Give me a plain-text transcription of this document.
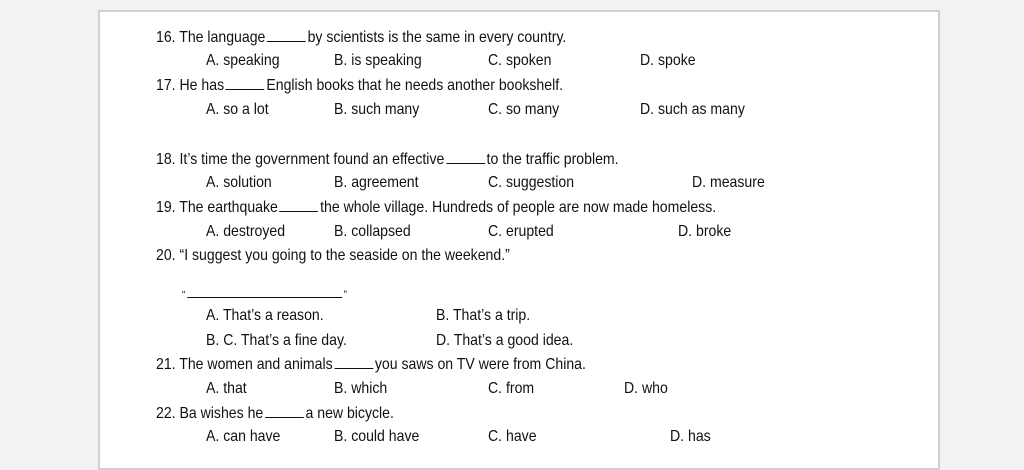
16. The language	by scientists is the same in every country.
A. speaking	B. is speaking	C. spoken	D. spoke
17. He has	English books that he needs another bookshelf.
A. so a lot	B. such many	C. so many	D. such as many
18. It’s time the government found an effective	to the traffic problem.
A. solution	B. agreement	C. suggestion	D. measure
19. The earthquake	the whole village. Hundreds of people are now made homeless.
A. destroyed	B. collapsed	C. erupted	D. broke
20. “I suggest you going to the seaside on the weekend.”
“	”
A. That’s a reason.	B. That’s a trip.
B. C. That’s a fine day.	D. That’s a good idea.
21. The women and animals	you saws on TV were from China.
A. that	B. which	C. from	D. who
22. Ba wishes he	a new bicycle.
A. can have	B. could have	C. have	D. has
